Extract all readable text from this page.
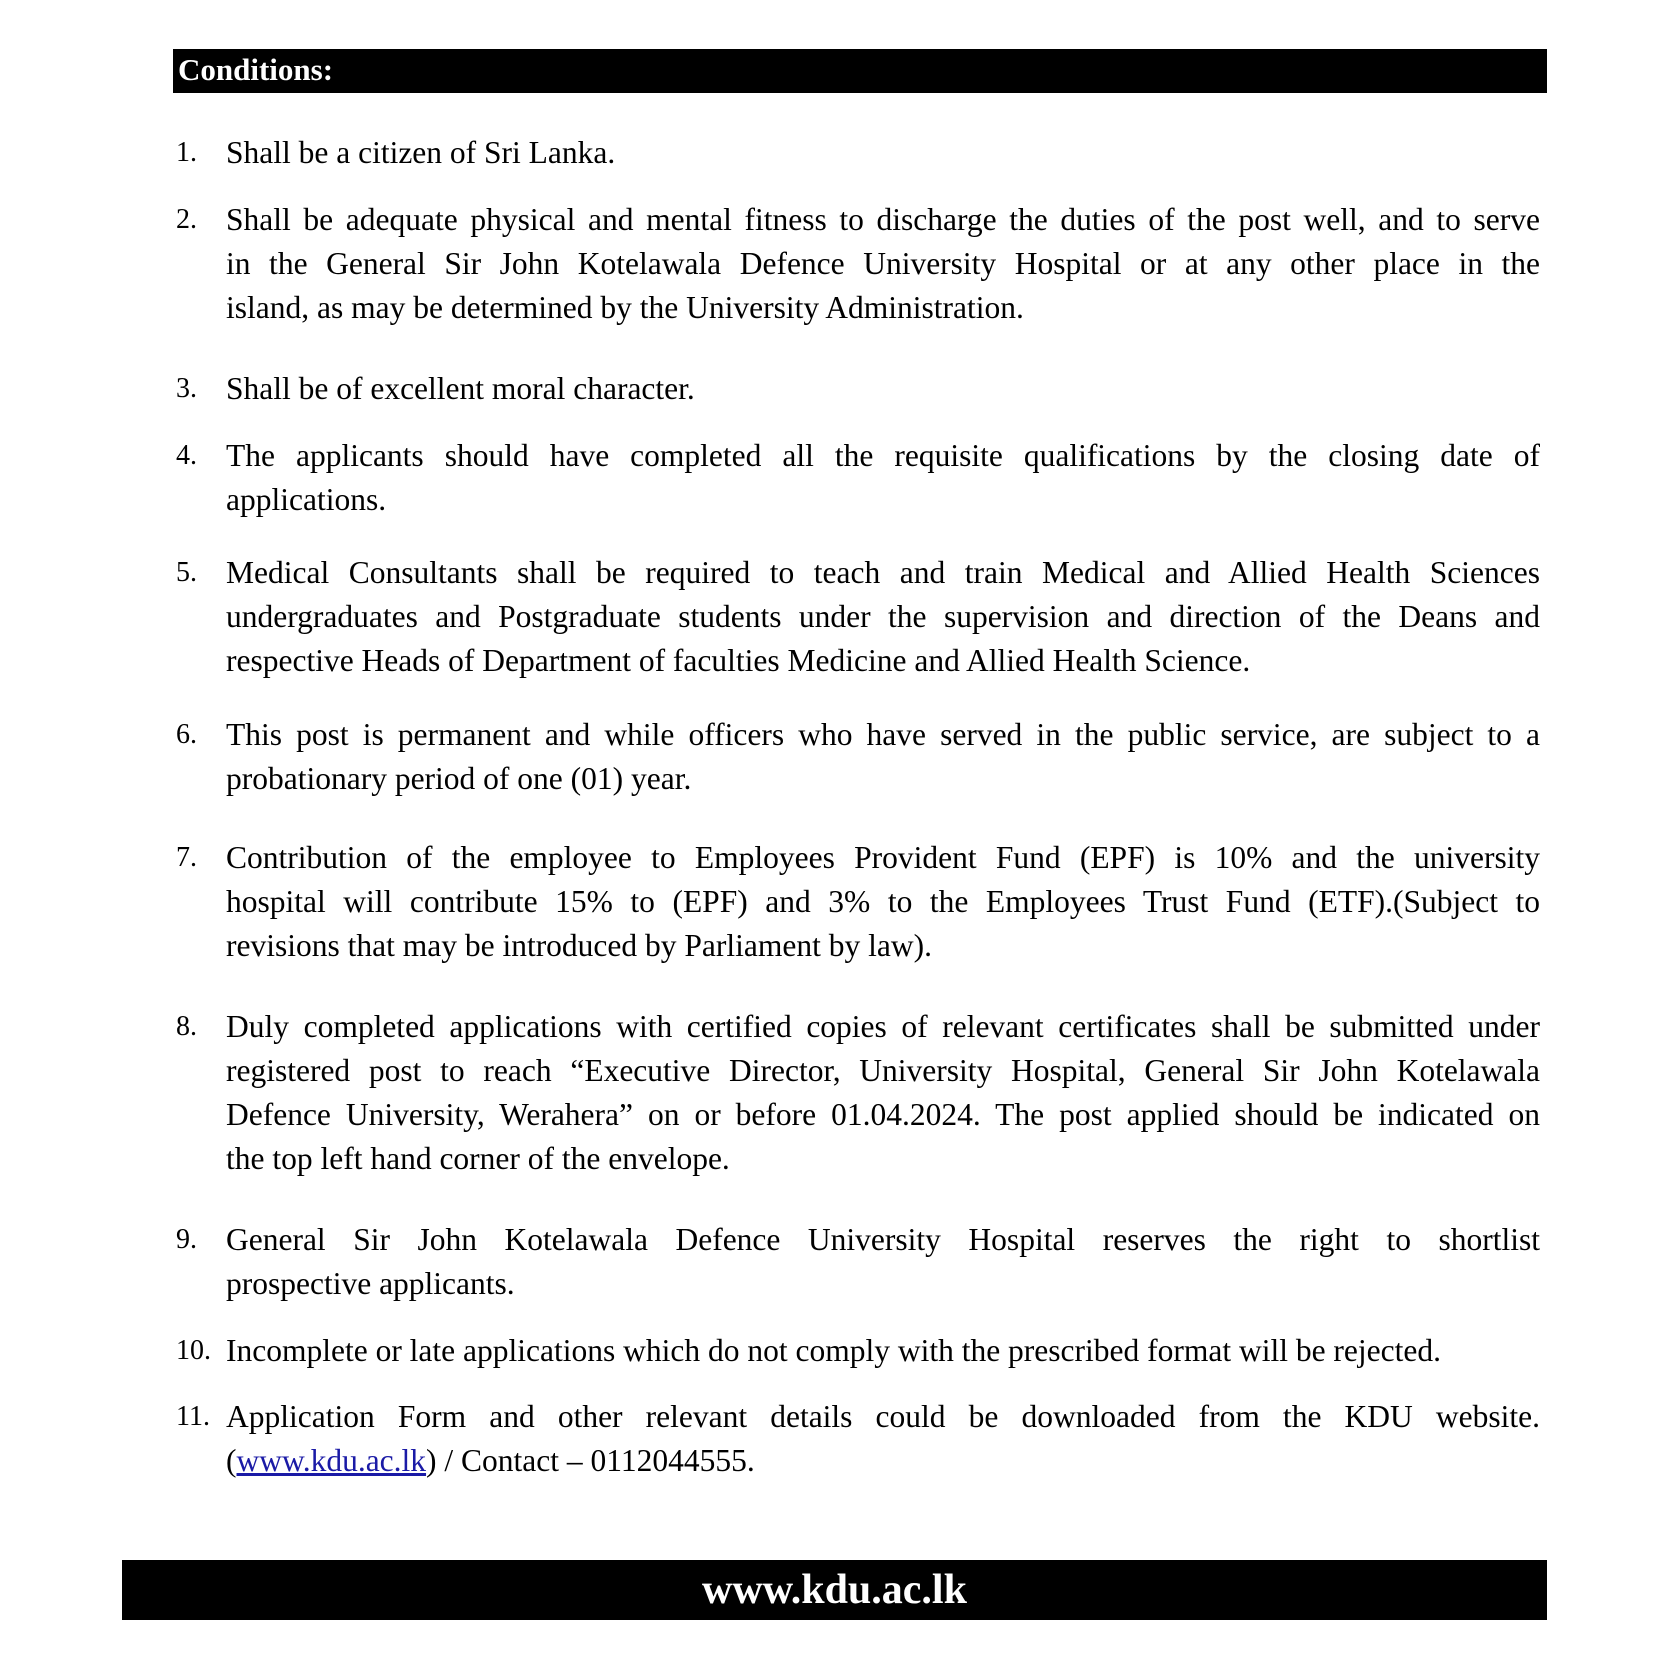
Conditions:
1. Shall be a citizen of Sri Lanka.
2. Shall be adequate physical and mental fitness to discharge the duties of the post well, and to serve
in the General Sir John Kotelawala Defence University Hospital or at any other place in the
island, as may be determined by the University Administration.
3. Shall be of excellent moral character.
4. The applicants should have completed all the requisite qualifications by the closing date of
applications.
5. Medical Consultants shall be required to teach and train Medical and Allied Health Sciences
undergraduates and Postgraduate students under the supervision and direction of the Deans and
respective Heads of Department of faculties Medicine and Allied Health Science.
6. This post is permanent and while officers who have served in the public service, are subject to a
probationary period of one (01) year.
7. Contribution of the employee to Employees Provident Fund (EPF) is 10% and the university
hospital will contribute 15% to (EPF) and 3% to the Employees Trust Fund (ETF).(Subject to
revisions that may be introduced by Parliament by law).
8. Duly completed applications with certified copies of relevant certificates shall be submitted under
registered post to reach “Executive Director, University Hospital, General Sir John Kotelawala
Defence University, Werahera” on or before 01.04.2024. The post applied should be indicated on
the top left hand corner of the envelope.
9. General Sir John Kotelawala Defence University Hospital reserves the right to shortlist
prospective applicants.
10. Incomplete or late applications which do not comply with the prescribed format will be rejected.
11. Application Form and other relevant details could be downloaded from the KDU website.
(www.kdu.ac.lk) / Contact – 0112044555.
www.kdu.ac.lk
